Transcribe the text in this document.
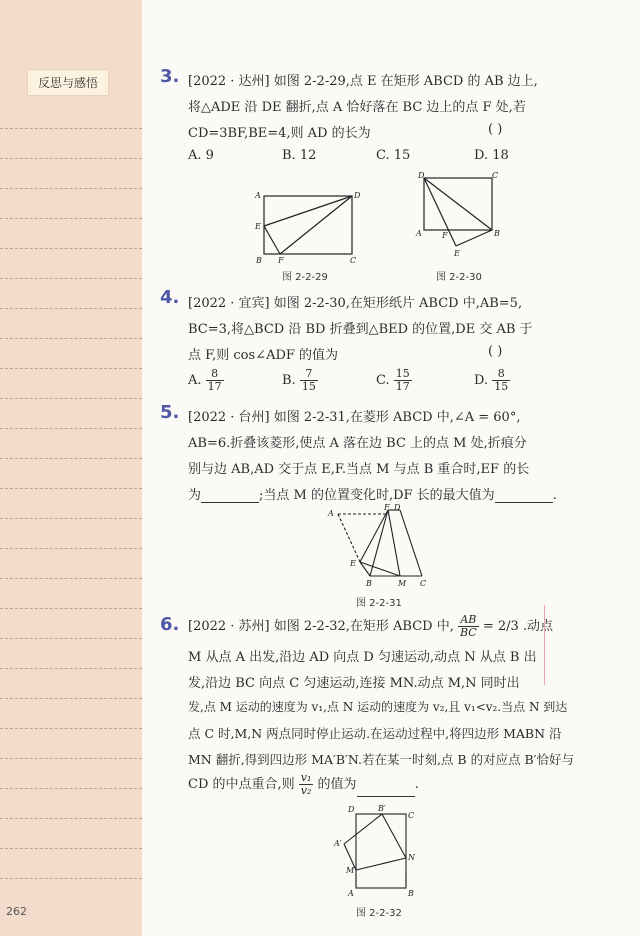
反思与感悟	3. [2022 · 达州] 如图 2-2-29,点 E 在矩形 ABCD 的 AB 边上,
将△ADE 沿 DE 翻折,点 A 恰好落在 BC 边上的点 F 处,若
CD=3BF,BE=4,则 AD 的长为	( )
A. 9	B. 12	C. 15	D. 18
A	D
E
B F	C
图 2-2-29
D	C
A	F	B
E
图 2-2-30
4. [2022 · 宜宾] 如图 2-2-30,在矩形纸片 ABCD 中,AB=5,
BC=3,将△BCD 沿 BD 折叠到△BED 的位置,DE 交 AB 于
点 F,则 cos∠ADF 的值为	( )
A. $\frac{8}{17}$	B. $\frac{7}{15}$	C. $\frac{15}{17}$	D. $\frac{8}{15}$
5. [2022 · 台州] 如图 2-2-31,在菱形 ABCD 中,∠A = 60°,
AB=6.折叠该菱形,使点 A 落在边 BC 上的点 M 处,折痕分
别与边 AB,AD 交于点 E,F.当点 M 与点 B 重合时,EF 的长
为	;当点 M 的位置变化时,DF 长的最大值为	.
A
F D
E
B	M C
图 2-2-31
6. [2022 · 苏州] 如图 2-2-32,在矩形 ABCD 中, $\frac{AB}{BC} = 2/3$ .动点
M 从点 A 出发,沿边 AD 向点 D 匀速运动,动点 N 从点 B 出
发,沿边 BC 向点 C 匀速运动,连接 MN.动点 M,N 同时出
发,点 M 运动的速度为 v₁,点 N 运动的速度为 v₂,且 v₁<v₂.当点 N 到达
点 C 时,M,N 两点同时停止运动.在运动过程中,将四边形 MABN 沿
MN 翻折,得到四边形 MA′B′N.若在某一时刻,点 B 的对应点 B′恰好与
CD 的中点重合,则 $\frac{\text{v₁}}{\text{v₂}}$ 的值为	.
D	B′
C
A′
M
N
A	B
图 2-2-32
262
